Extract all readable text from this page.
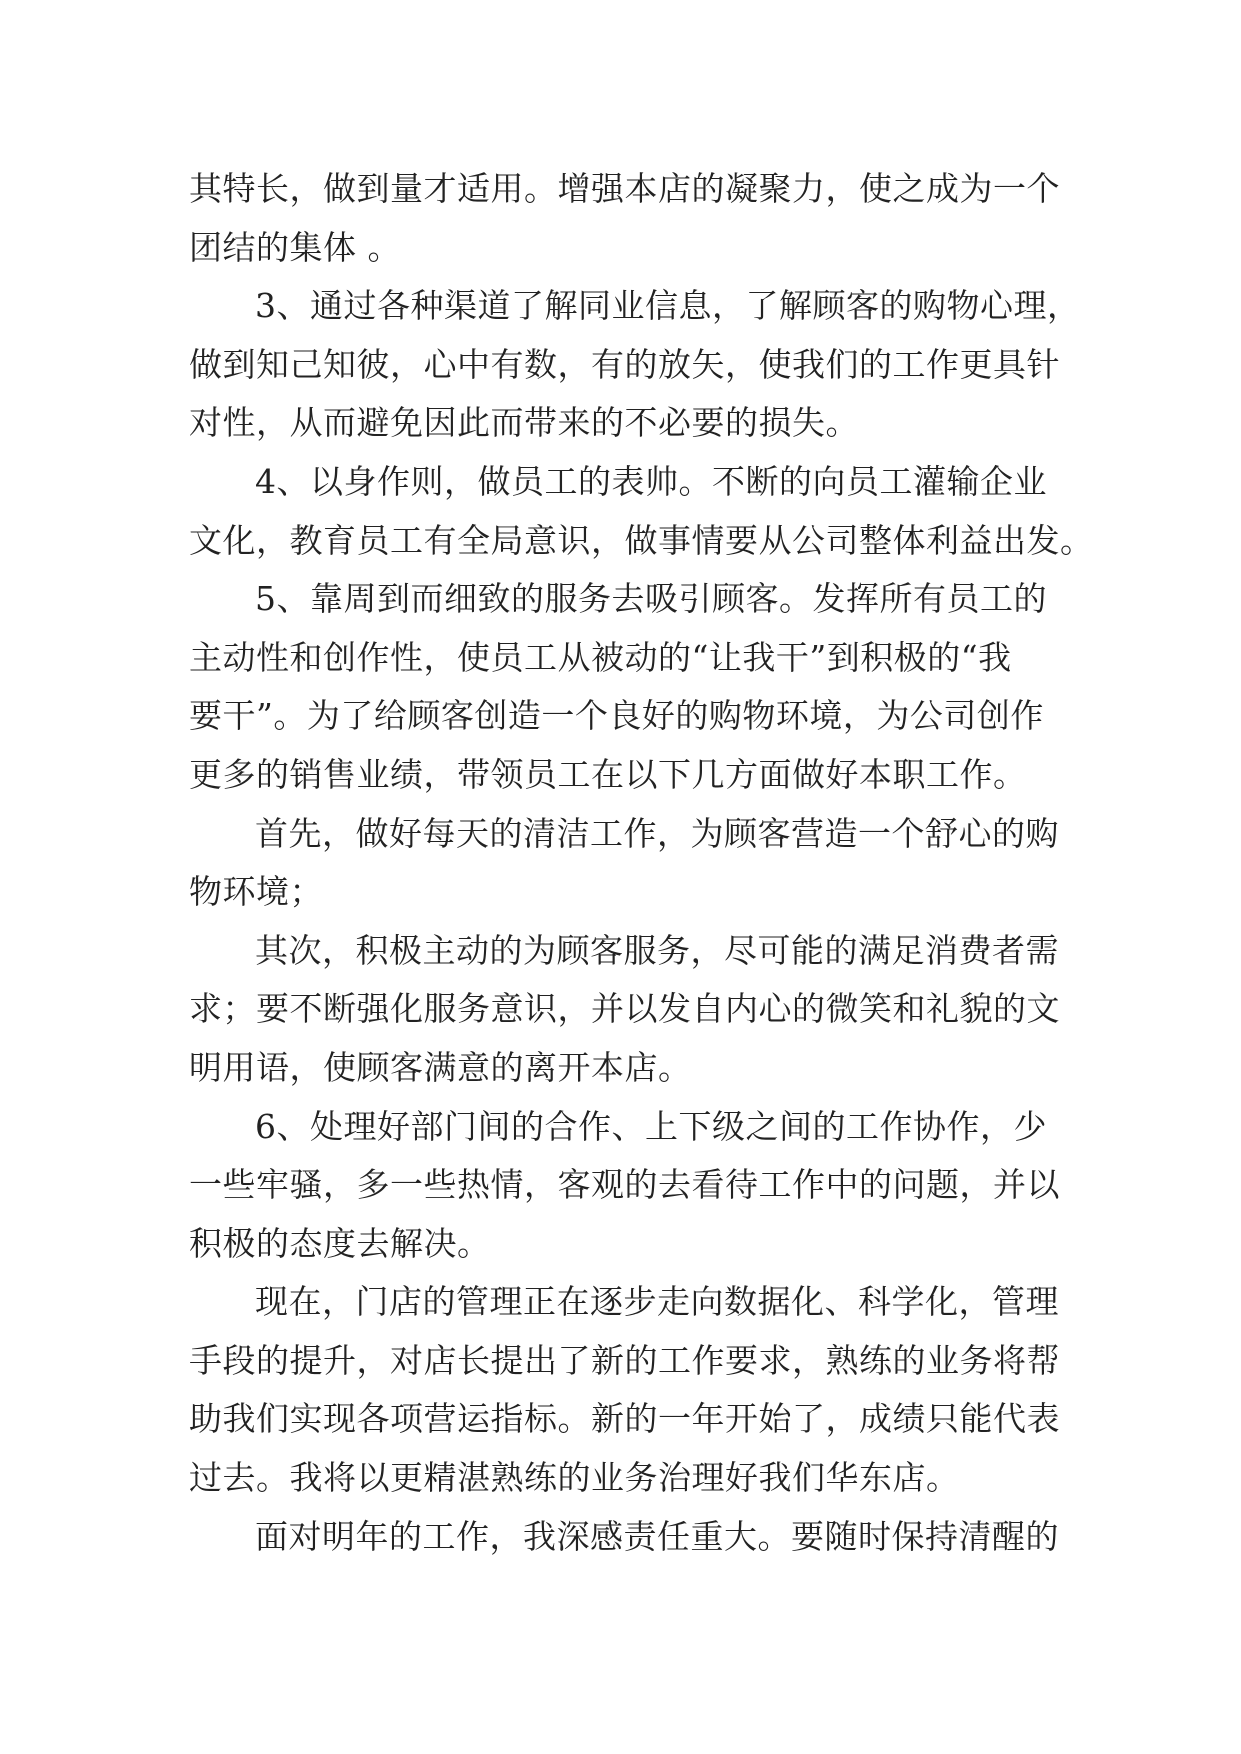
其特长，做到量才适用。增强本店的凝聚力，使之成为一个
团结的集体 。
3、通过各种渠道了解同业信息，了解顾客的购物心理，
做到知己知彼，心中有数，有的放矢，使我们的工作更具针
对性，从而避免因此而带来的不必要的损失。
4、以身作则，做员工的表帅。不断的向员工灌输企业
文化，教育员工有全局意识，做事情要从公司整体利益出发。
5、靠周到而细致的服务去吸引顾客。发挥所有员工的
主动性和创作性，使员工从被动的“让我干”到积极的“我
要干”。为了给顾客创造一个良好的购物环境，为公司创作
更多的销售业绩，带领员工在以下几方面做好本职工作。
首先，做好每天的清洁工作，为顾客营造一个舒心的购
物环境；
其次，积极主动的为顾客服务，尽可能的满足消费者需
求；要不断强化服务意识，并以发自内心的微笑和礼貌的文
明用语，使顾客满意的离开本店。
6、处理好部门间的合作、上下级之间的工作协作，少
一些牢骚，多一些热情，客观的去看待工作中的问题，并以
积极的态度去解决。
现在，门店的管理正在逐步走向数据化、科学化，管理
手段的提升，对店长提出了新的工作要求，熟练的业务将帮
助我们实现各项营运指标。新的一年开始了，成绩只能代表
过去。我将以更精湛熟练的业务治理好我们华东店。
面对明年的工作，我深感责任重大。要随时保持清醒的
